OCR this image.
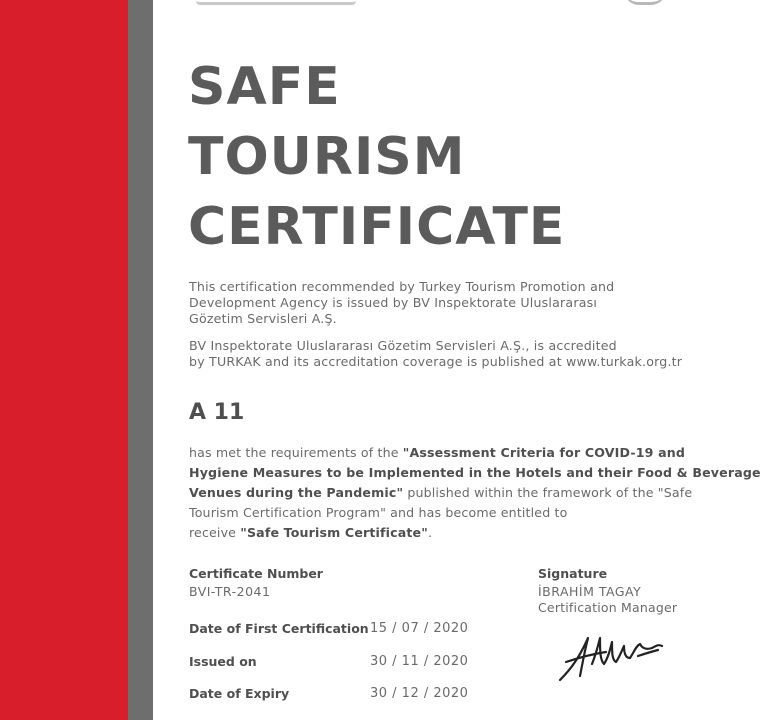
SAFE
TOURISM
CERTIFICATE
This certification recommended by Turkey Tourism Promotion and
Development Agency is issued by BV Inspektorate Uluslararası
Gözetim Servisleri A.Ş.
BV Inspektorate Uluslararası Gözetim Servisleri A.Ş., is accredited
by TURKAK and its accreditation coverage is published at www.turkak.org.tr
A 11
has met the requirements of the "Assessment Criteria for COVID-19 and
Hygiene Measures to be Implemented in the Hotels and their Food & Beverage
Venues during the Pandemic" published within the framework of the "Safe
Tourism Certification Program" and has become entitled to
receive "Safe Tourism Certificate".
Certificate Number
BVI-TR-2041
Signature
İBRAHİM TAGAY
Certification Manager
Date of First Certification 15 / 07 / 2020
Issued on	30 / 11 / 2020
Date of Expiry	30 / 12 / 2020
